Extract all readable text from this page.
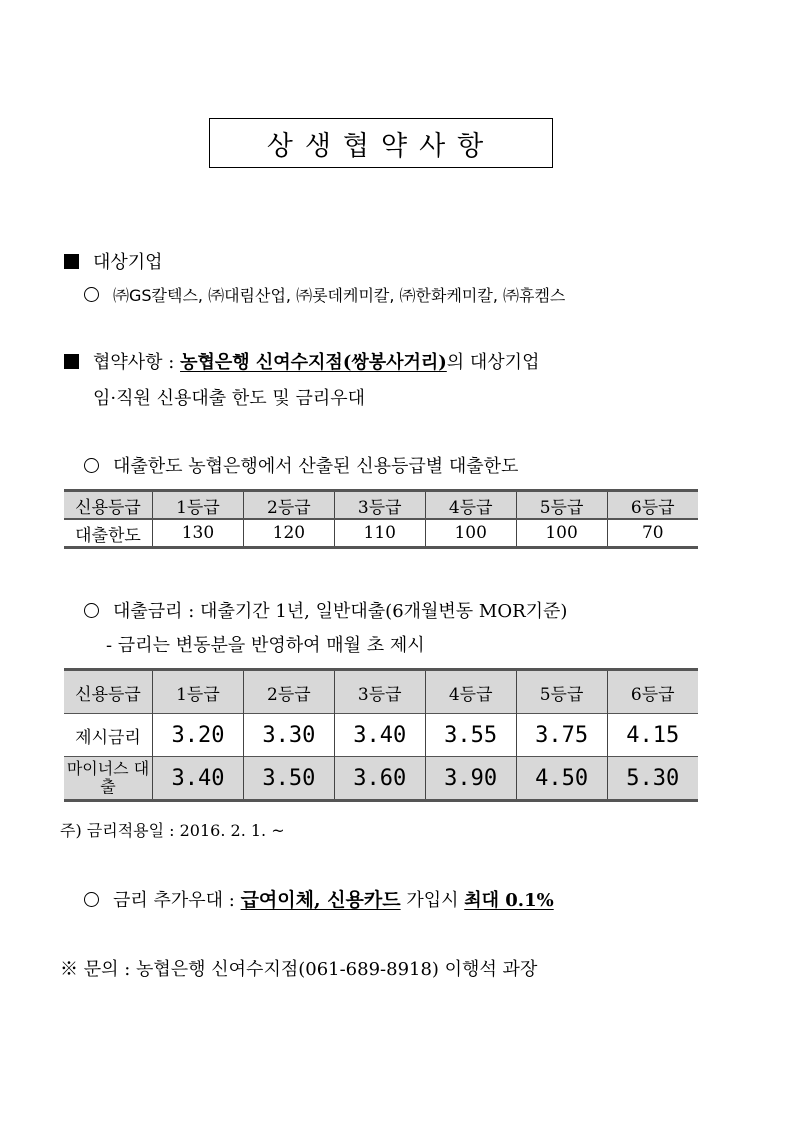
상생협약사항
대상기업
㈜GS칼텍스, ㈜대림산업, ㈜롯데케미칼, ㈜한화케미칼, ㈜휴켐스
협약사항 : 농협은행 신여수지점(쌍봉사거리)의 대상기업
임·직원 신용대출 한도 및 금리우대
대출한도 농협은행에서 산출된 신용등급별 대출한도
신용등급	1등급	2등급	3등급	4등급	5등급	6등급
대출한도	130	120	110	100	100	70
대출금리 : 대출기간 1년, 일반대출(6개월변동 MOR기준)
- 금리는 변동분을 반영하여 매월 초 제시
신용등급	1등급	2등급	3등급	4등급	5등급	6등급
제시금리	3.20	3.30	3.40	3.55	3.75	4.15
마이너스 대출	3.40	3.50	3.60	3.90	4.50	5.30
주) 금리적용일 : 2016. 2. 1. ~
금리 추가우대 : 급여이체, 신용카드 가입시 최대 0.1%
※ 문의 : 농협은행 신여수지점(061-689-8918) 이행석 과장
